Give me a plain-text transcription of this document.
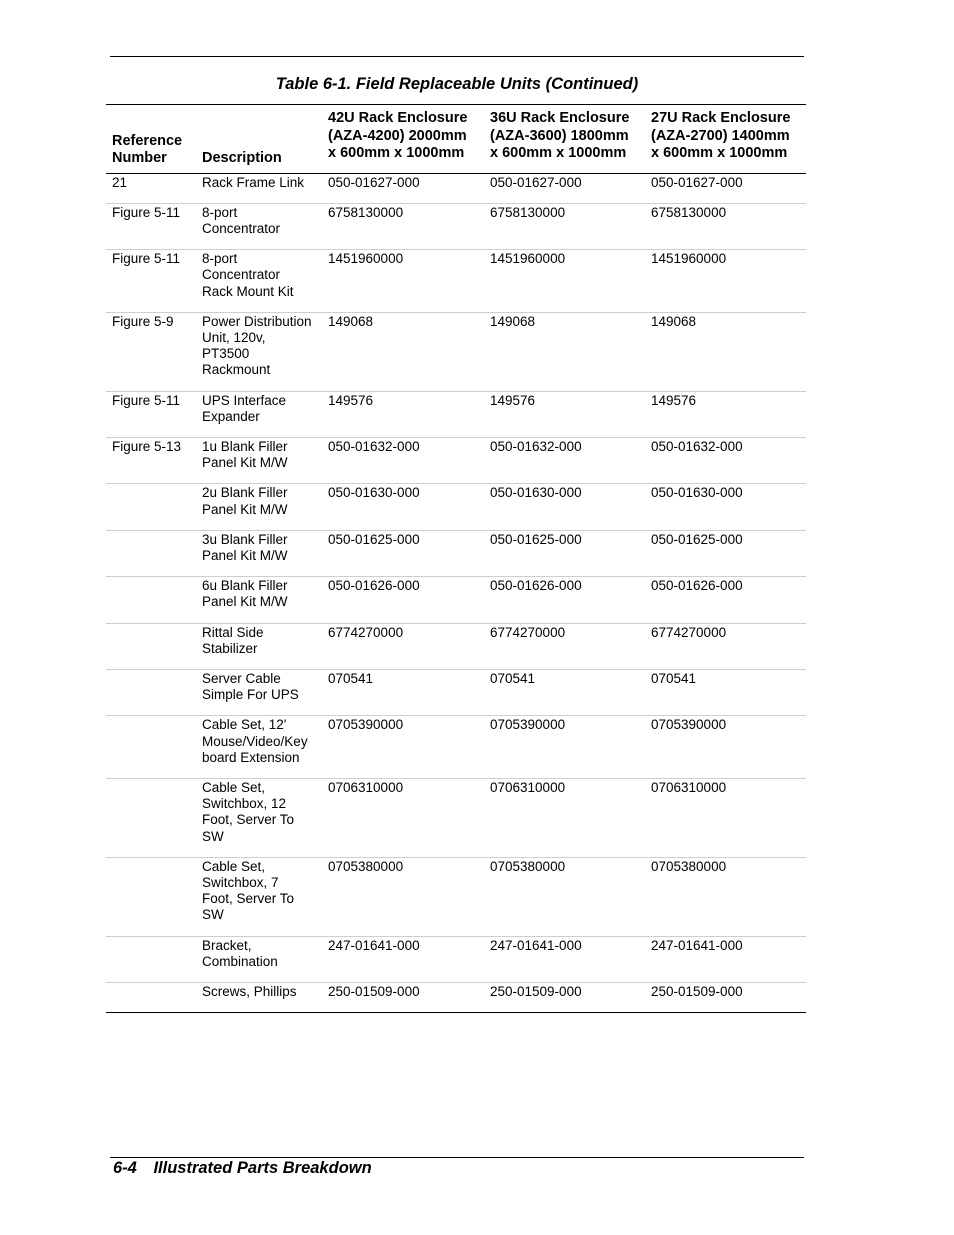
Table 6-1. Field Replaceable Units (Continued)
Reference
Number	Description	42U Rack Enclosure
(AZA-4200) 2000mm
x 600mm x 1000mm	36U Rack Enclosure
(AZA-3600) 1800mm
x 600mm x 1000mm	27U Rack Enclosure
(AZA-2700) 1400mm
x 600mm x 1000mm
21	Rack Frame Link	050-01627-000	050-01627-000	050-01627-000
Figure 5-11	8-port
Concentrator	6758130000	6758130000	6758130000
Figure 5-11	8-port
Concentrator
Rack Mount Kit	1451960000	1451960000	1451960000
Figure 5-9	Power Distribution
Unit, 120v,
PT3500
Rackmount	149068	149068	149068
Figure 5-11	UPS Interface
Expander	149576	149576	149576
Figure 5-13	1u Blank Filler
Panel Kit M/W	050-01632-000	050-01632-000	050-01632-000
	2u Blank Filler
Panel Kit M/W	050-01630-000	050-01630-000	050-01630-000
	3u Blank Filler
Panel Kit M/W	050-01625-000	050-01625-000	050-01625-000
	6u Blank Filler
Panel Kit M/W	050-01626-000	050-01626-000	050-01626-000
	Rittal Side
Stabilizer	6774270000	6774270000	6774270000
	Server Cable
Simple For UPS	070541	070541	070541
	Cable Set, 12'
Mouse/Video/Key
board Extension	0705390000	0705390000	0705390000
	Cable Set,
Switchbox, 12
Foot, Server To
SW	0706310000	0706310000	0706310000
	Cable Set,
Switchbox, 7
Foot, Server To
SW	0705380000	0705380000	0705380000
	Bracket,
Combination	247-01641-000	247-01641-000	247-01641-000
	Screws, Phillips	250-01509-000	250-01509-000	250-01509-000
6-4 Illustrated Parts Breakdown
